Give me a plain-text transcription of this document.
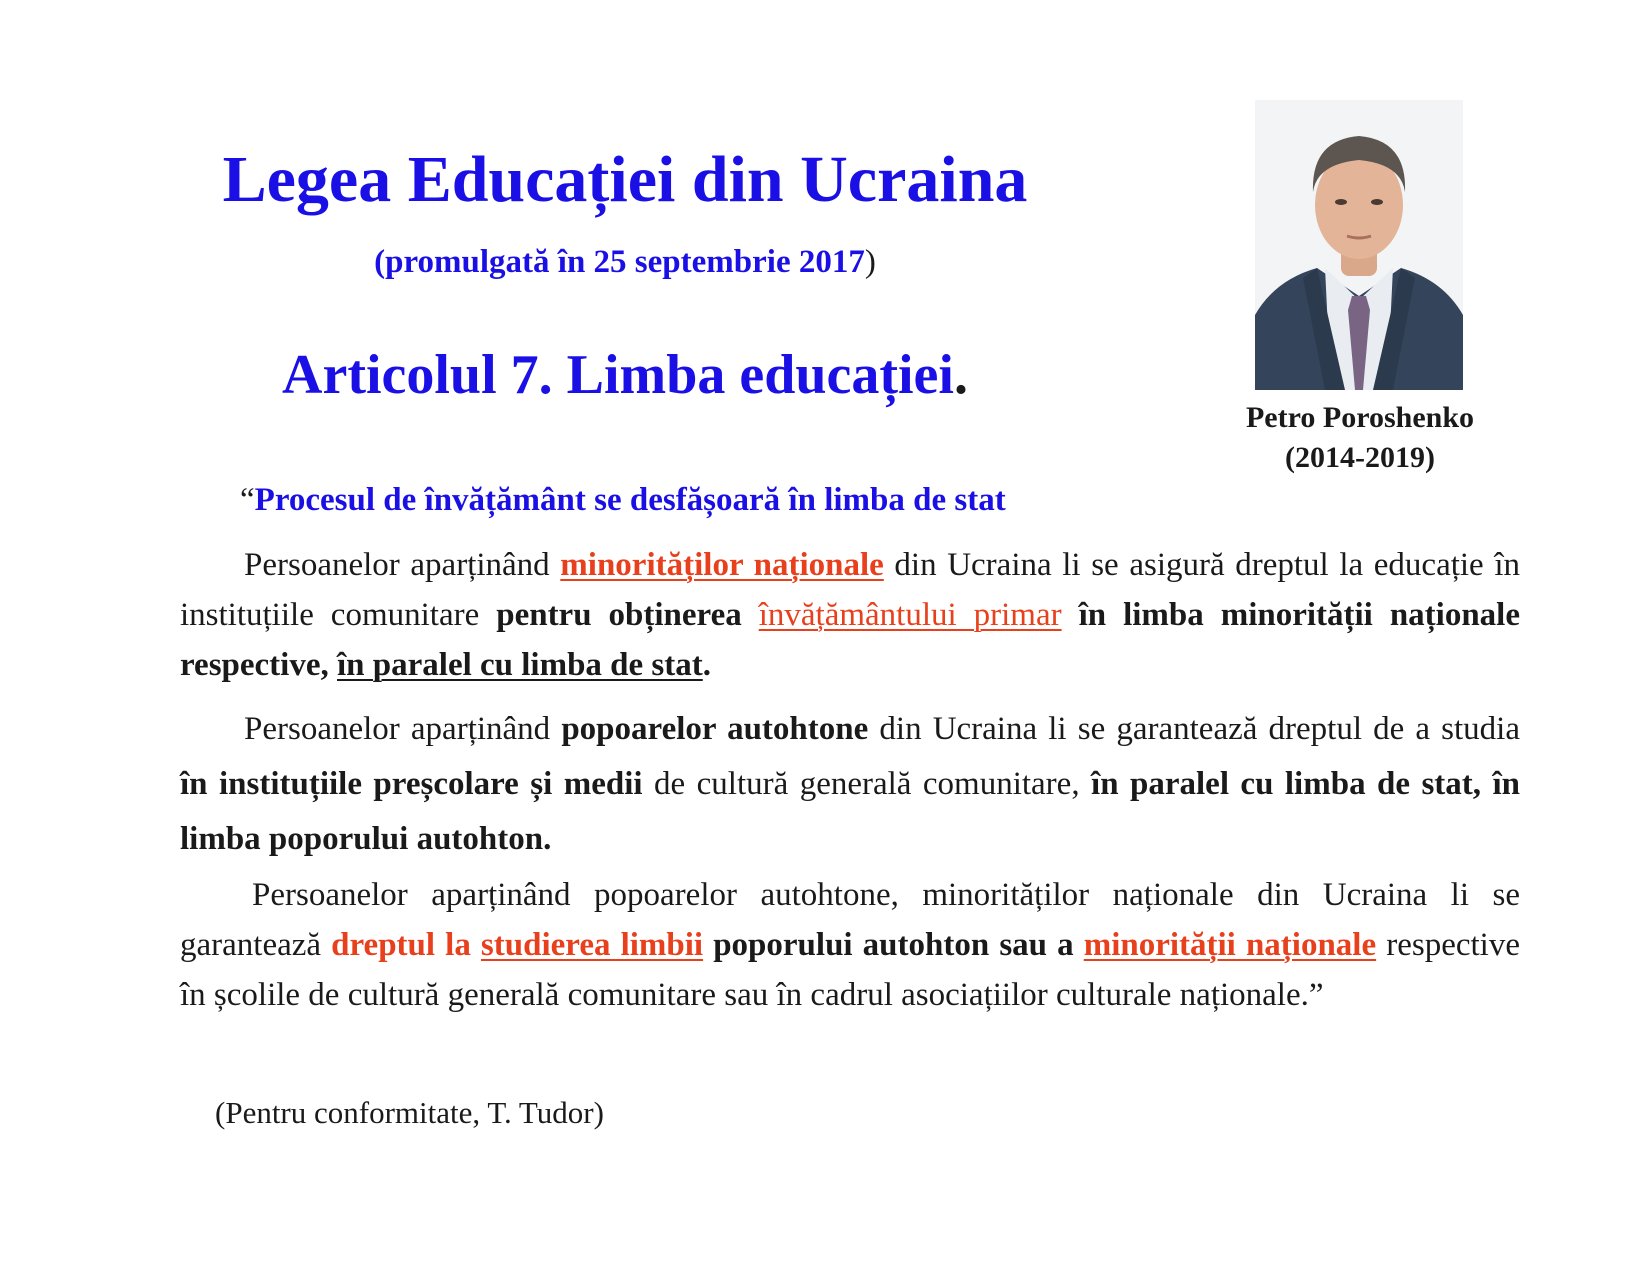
Legea Educației din Ucraina
(promulgată în 25 septembrie 2017)
Articolul 7. Limba educației.
Petro Poroshenko
(2014-2019)
“Procesul de învățământ se desfășoară în limba de stat

Persoanelor aparținând minorităților naționale din Ucraina li se asigură dreptul la educație în instituțiile comunitare pentru obținerea învățământului primar în limba minorității naționale respective, în paralel cu limba de stat.

Persoanelor aparținând popoarelor autohtone din Ucraina li se garantează dreptul de a studia în instituțiile preșcolare și medii de cultură generală comunitare, în paralel cu limba de stat, în limba poporului autohton.

Persoanelor aparținând popoarelor autohtone, minorităților naționale din Ucraina li se garantează dreptul la studierea limbii poporului autohton sau a minorității naționale respective în școlile de cultură generală comunitare sau în cadrul asociațiilor culturale naționale.”

(Pentru conformitate, T. Tudor)
